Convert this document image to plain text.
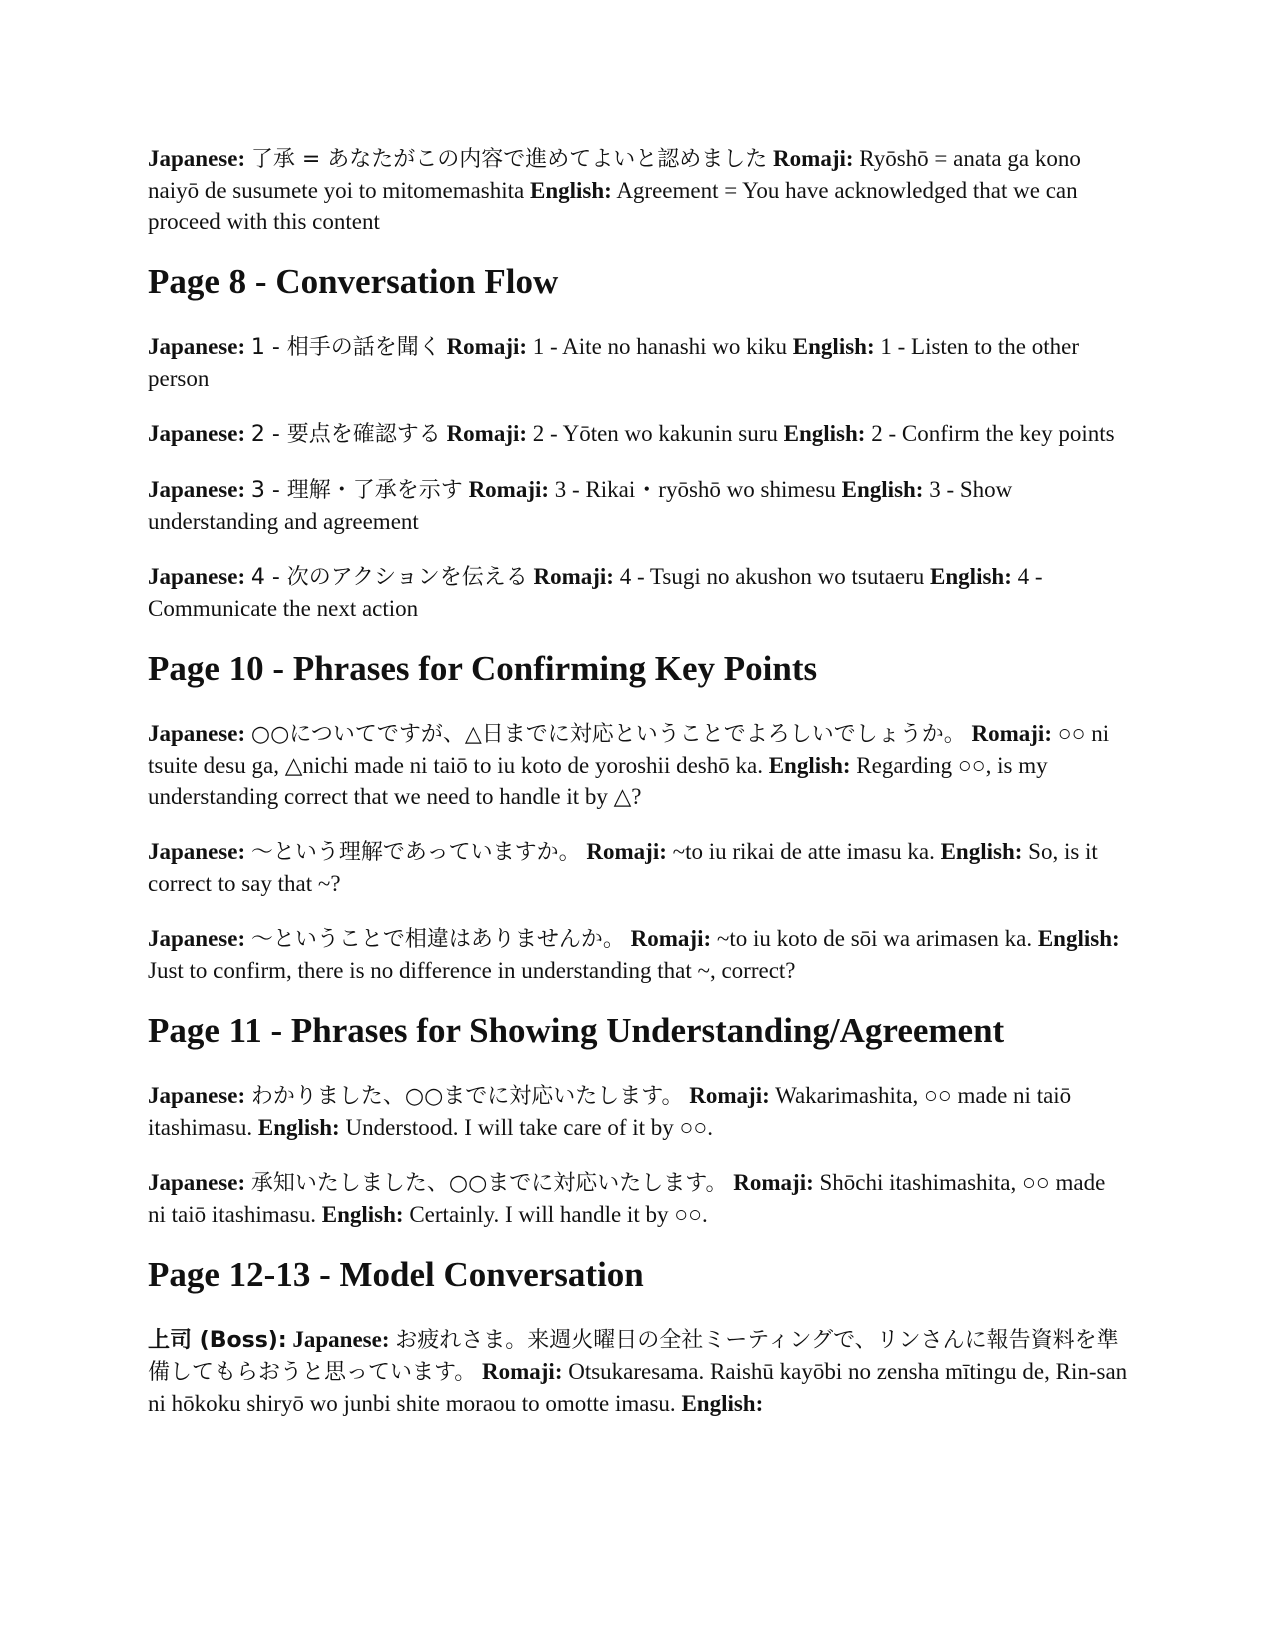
Japanese: 了承 = あなたがこの内容で進めてよいと認めました Romaji: Ryōshō = anata ga kono naiyō de susumete yoi to mitomemashita English: Agreement = You have acknowledged that we can proceed with this content

Page 8 - Conversation Flow

Japanese: 1 - 相手の話を聞く Romaji: 1 - Aite no hanashi wo kiku English: 1 - Listen to the other person

Japanese: 2 - 要点を確認する Romaji: 2 - Yōten wo kakunin suru English: 2 - Confirm the key points

Japanese: 3 - 理解・了承を示す Romaji: 3 - Rikai・ryōshō wo shimesu English: 3 - Show understanding and agreement

Japanese: 4 - 次のアクションを伝える Romaji: 4 - Tsugi no akushon wo tsutaeru English: 4 - Communicate the next action

Page 10 - Phrases for Confirming Key Points

Japanese: ○○についてですが、△日までに対応ということでよろしいでしょうか。 Romaji: ○○ ni tsuite desu ga, △nichi made ni taiō to iu koto de yoroshii deshō ka. English: Regarding ○○, is my understanding correct that we need to handle it by △?

Japanese: 〜という理解であっていますか。 Romaji: ~to iu rikai de atte imasu ka. English: So, is it correct to say that ~?

Japanese: 〜ということで相違はありませんか。 Romaji: ~to iu koto de sōi wa arimasen ka. English: Just to confirm, there is no difference in understanding that ~, correct?

Page 11 - Phrases for Showing Understanding/Agreement

Japanese: わかりました、○○までに対応いたします。 Romaji: Wakarimashita, ○○ made ni taiō itashimasu. English: Understood. I will take care of it by ○○.

Japanese: 承知いたしました、○○までに対応いたします。 Romaji: Shōchi itashimashita, ○○ made ni taiō itashimasu. English: Certainly. I will handle it by ○○.

Page 12-13 - Model Conversation

上司 (Boss): Japanese: お疲れさま。来週火曜日の全社ミーティングで、リンさんに報告資料を準備してもらおうと思っています。 Romaji: Otsukaresama. Raishū kayōbi no zensha mītingu de, Rin-san ni hōkoku shiryō wo junbi shite moraou to omotte imasu. English:
